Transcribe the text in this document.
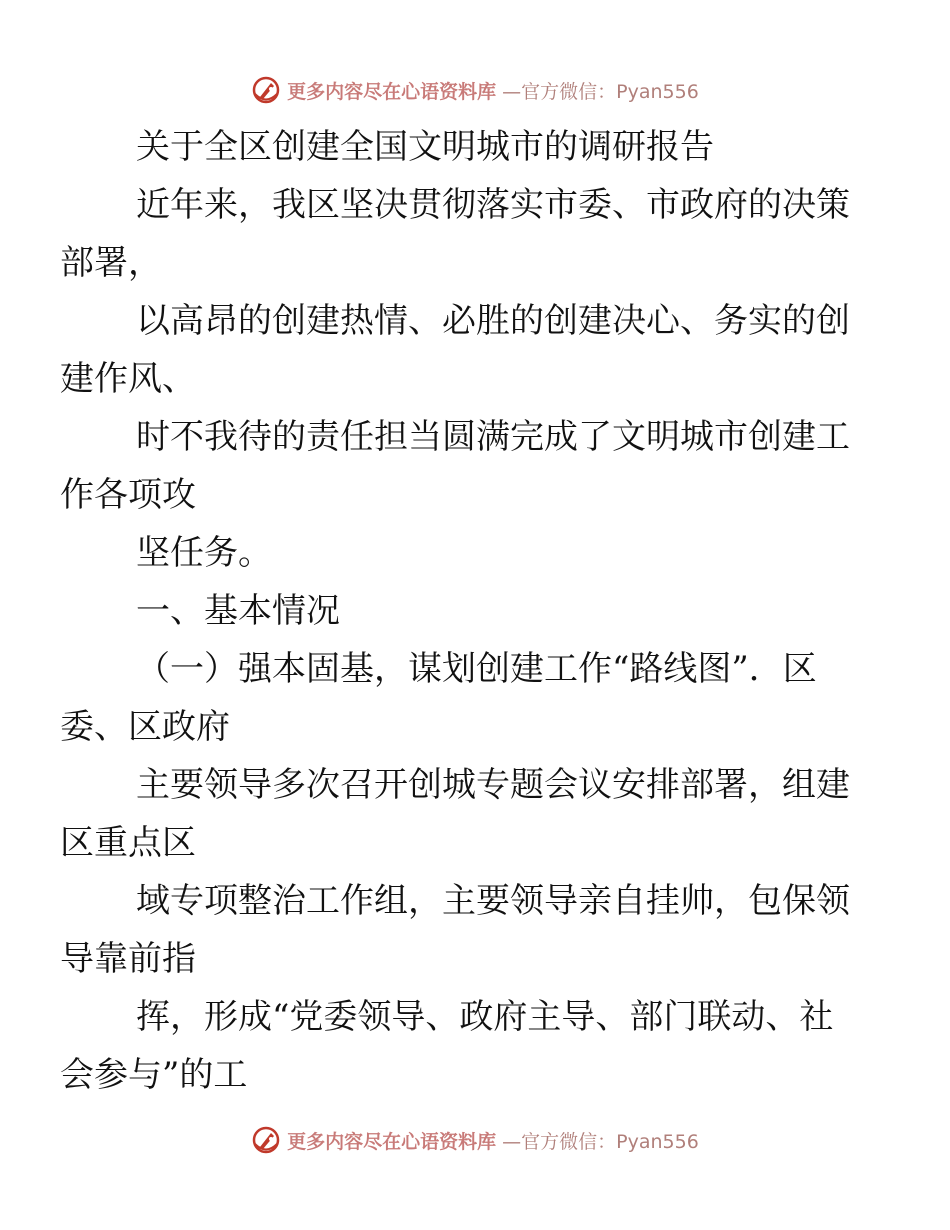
更多内容尽在心语资料库 —官方微信：Pyan556

关于全区创建全国文明城市的调研报告

近年来，我区坚决贯彻落实市委、市政府的决策
部署，

以高昂的创建热情、必胜的创建决心、务实的创
建作风、

时不我待的责任担当圆满完成了文明城市创建工
作各项攻

坚任务。

一、基本情况

（一）强本固基，谋划创建工作“路线图”．区
委、区政府

主要领导多次召开创城专题会议安排部署，组建
区重点区

域专项整治工作组，主要领导亲自挂帅，包保领
导靠前指

挥，形成“党委领导、政府主导、部门联动、社
会参与”的工

更多内容尽在心语资料库 —官方微信：Pyan556
